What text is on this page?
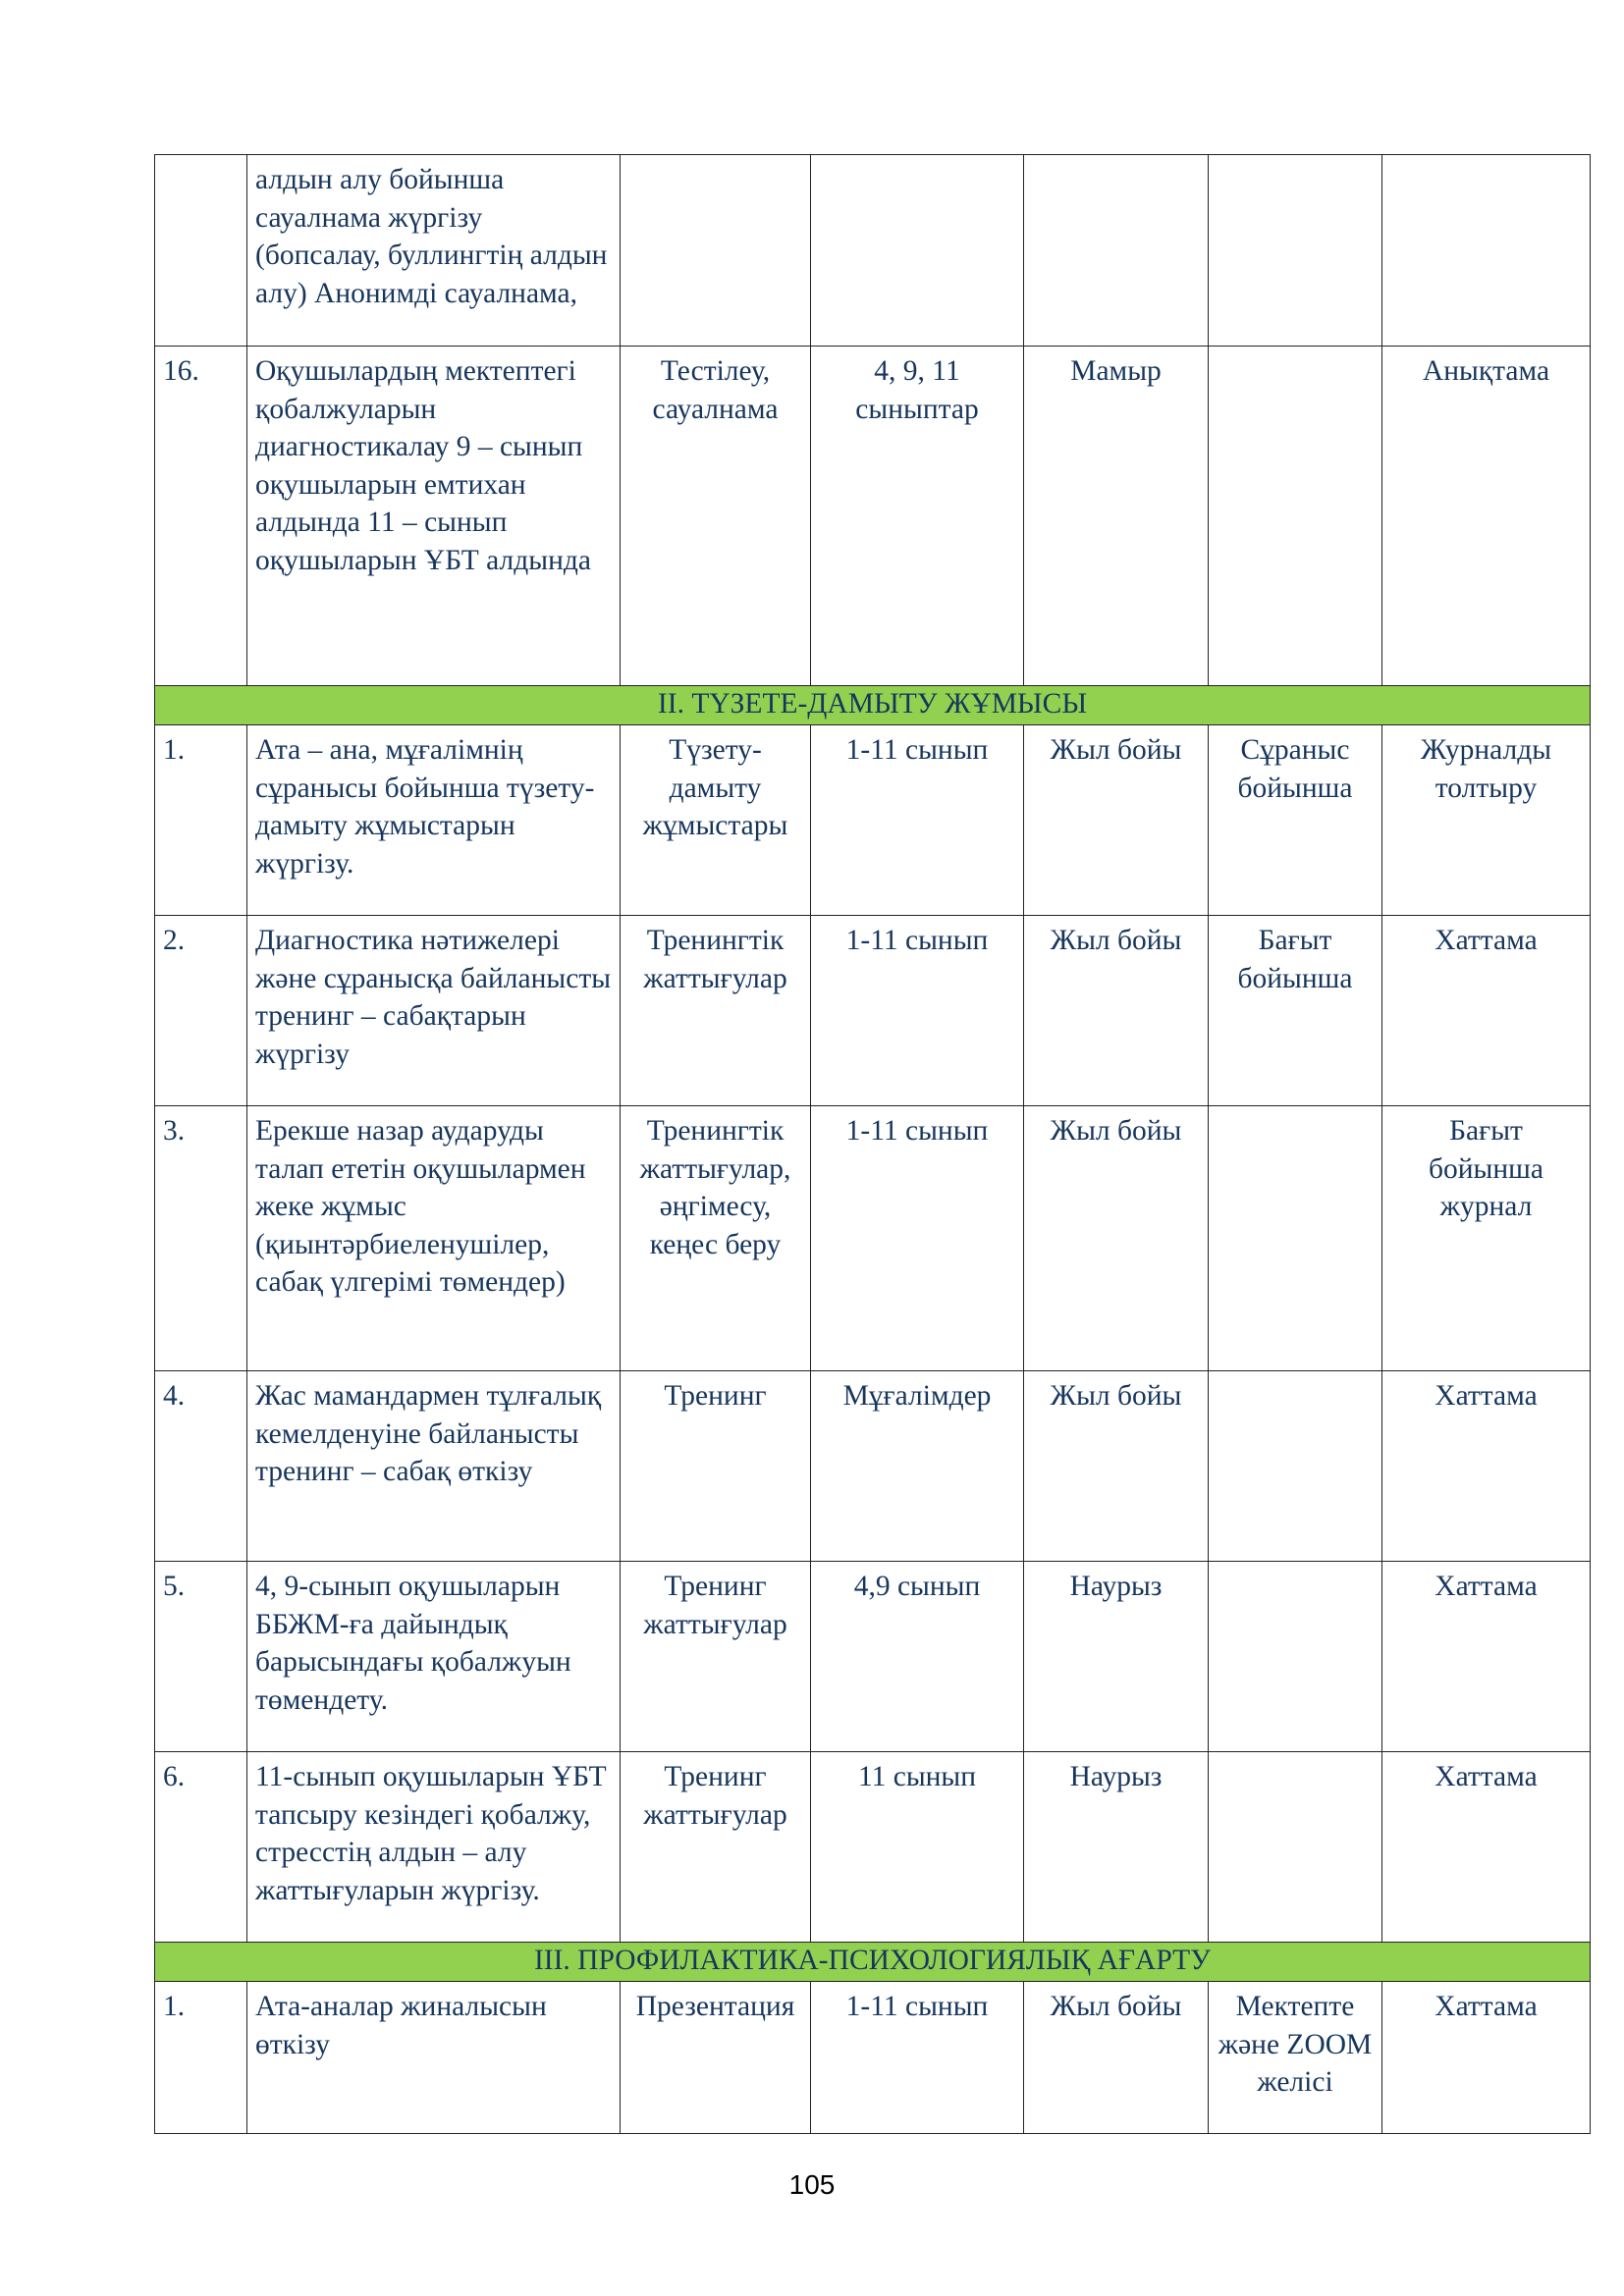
	алдын алу бойынша сауалнама жүргізу (бопсалау, буллингтің алдын алу) Анонимді сауалнама,					
16.	Оқушылардың мектептегі қобалжуларын диагностикалау 9 – сынып оқушыларын емтихан алдында 11 – сынып оқушыларын ҰБТ алдында	Тестілеу, сауалнама	4, 9, 11 сыныптар	Мамыр		Анықтама
ІІ. ТҮЗЕТЕ-ДАМЫТУ ЖҰМЫСЫ						
1.	Ата – ана, мұғалімнің сұранысы бойынша түзету-дамыту жұмыстарын жүргізу.	Түзету- дамыту жұмыстары	1-11 сынып	Жыл бойы	Сұраныс бойынша	Журналды толтыру
2.	Диагностика нәтижелері және сұранысқа байланысты тренинг – сабақтарын жүргізу	Тренингтік жаттығулар	1-11 сынып	Жыл бойы	Бағыт бойынша	Хаттама
3.	Ерекше назар аударуды талап ететін оқушылармен жеке жұмыс (қиынтәрбиеленушілер, сабақ үлгерімі төмендер)	Тренингтік жаттығулар, әңгімесу, кеңес беру	1-11 сынып	Жыл бойы		Бағыт бойынша журнал
4.	Жас мамандармен тұлғалық кемелденуіне байланысты тренинг – сабақ өткізу	Тренинг	Мұғалімдер	Жыл бойы		Хаттама
5.	4, 9-сынып оқушыларын ББЖМ-ға дайындық барысындағы қобалжуын төмендету.	Тренинг жаттығулар	4,9 сынып	Наурыз		Хаттама
6.	11-сынып оқушыларын ҰБТ тапсыру кезіндегі қобалжу, стресстің алдын – алу жаттығуларын жүргізу.	Тренинг жаттығулар	11 сынып	Наурыз		Хаттама
ІІІ. ПРОФИЛАКТИКА-ПСИХОЛОГИЯЛЫҚ АҒАРТУ						
1.	Ата-аналар жиналысын өткізу	Презентация	1-11 сынып	Жыл бойы	Мектепте және ZOOM желісі	Хаттама
105
